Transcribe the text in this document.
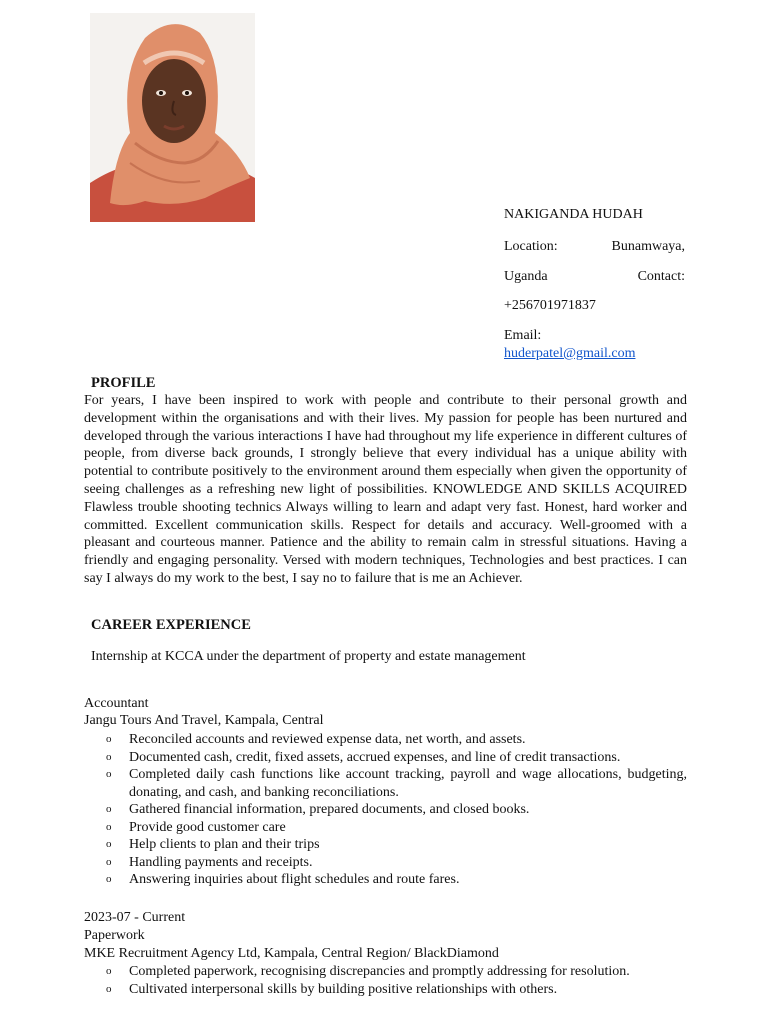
NAKIGANDA HUDAH
Location:	Bunamwaya,
Uganda	Contact:
+256701971837
Email:
huderpatel@gmail.com
PROFILE
For years, I have been inspired to work with people and contribute to their personal growth and development within the organisations and with their lives. My passion for people has been nurtured and developed through the various interactions I have had throughout my life experience in different cultures of people, from diverse back grounds, I strongly believe that every individual has a unique ability with potential to contribute positively to the environment around them especially when given the opportunity of seeing challenges as a refreshing new light of possibilities. KNOWLEDGE AND SKILLS ACQUIRED Flawless trouble shooting technics Always willing to learn and adapt very fast. Honest, hard worker and committed. Excellent communication skills. Respect for details and accuracy. Well-groomed with a pleasant and courteous manner. Patience and the ability to remain calm in stressful situations. Having a friendly and engaging personality. Versed with modern techniques, Technologies and best practices. I can say I always do my work to the best, I say no to failure that is me an Achiever.
CAREER EXPERIENCE
Internship at KCCA under the department of property and estate management
Accountant
Jangu Tours And Travel, Kampala, Central
o Reconciled accounts and reviewed expense data, net worth, and assets.
o Documented cash, credit, fixed assets, accrued expenses, and line of credit transactions.
o Completed daily cash functions like account tracking, payroll and wage allocations, budgeting, donating, and cash, and banking reconciliations.
o Gathered financial information, prepared documents, and closed books.
o Provide good customer care
o Help clients to plan and their trips
o Handling payments and receipts.
o Answering inquiries about flight schedules and route fares.
2023-07 - Current
Paperwork
MKE Recruitment Agency Ltd, Kampala, Central Region/ BlackDiamond
o Completed paperwork, recognising discrepancies and promptly addressing for resolution.
o Cultivated interpersonal skills by building positive relationships with others.
